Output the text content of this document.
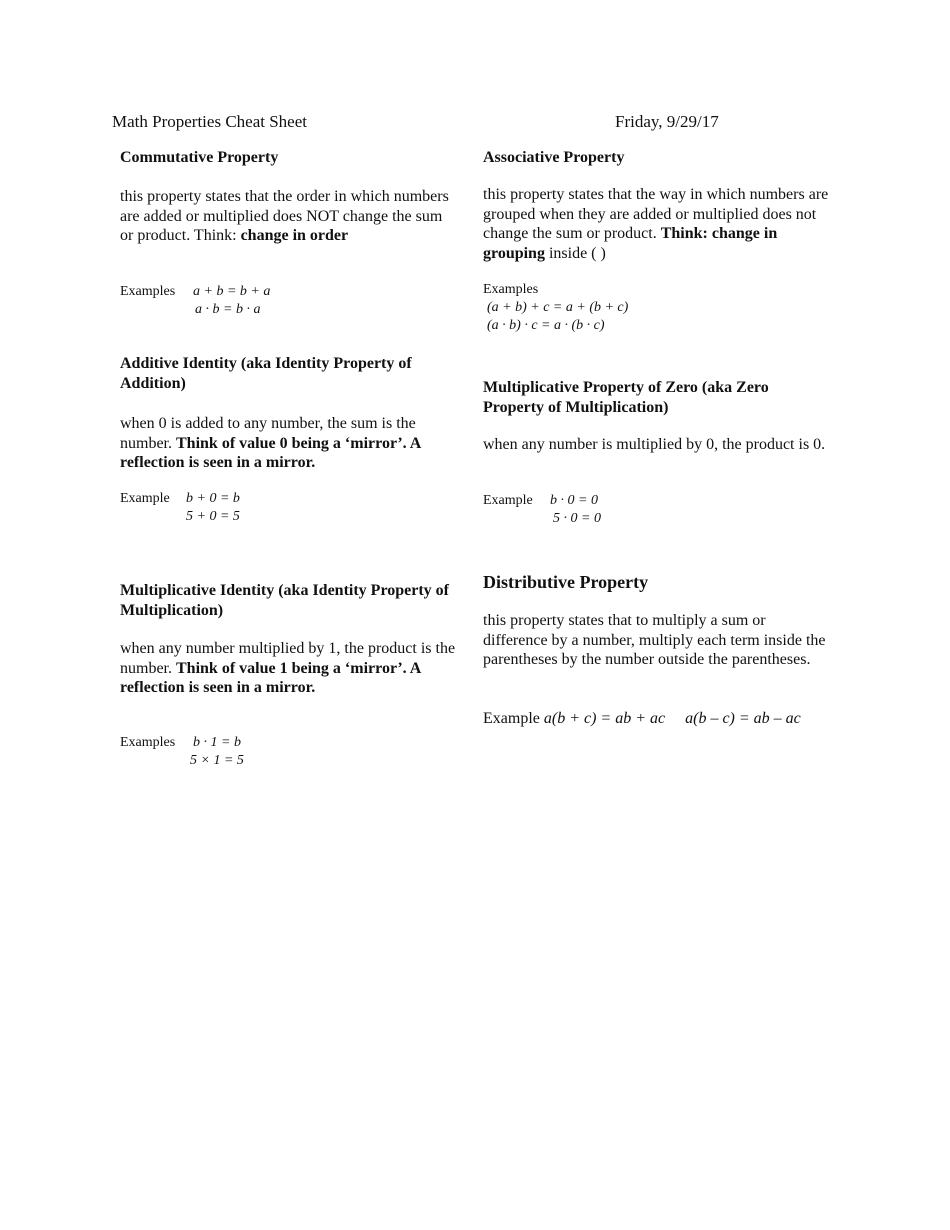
Math Properties Cheat Sheet	Friday, 9/29/17
Commutative Property
this property states that the order in which numbers are added or multiplied does NOT change the sum or product. Think: change in order
Examples a + b = b + a
a · b = b · a
Additive Identity (aka Identity Property of Addition)
when 0 is added to any number, the sum is the number. Think of value 0 being a ‘mirror’. A reflection is seen in a mirror.
Example b + 0 = b
5 + 0 = 5
Multiplicative Identity (aka Identity Property of Multiplication)
when any number multiplied by 1, the product is the number. Think of value 1 being a ‘mirror’. A reflection is seen in a mirror.
Examples b · 1 = b
5 × 1 = 5
Associative Property
this property states that the way in which numbers are grouped when they are added or multiplied does not change the sum or product. Think: change in grouping inside ( )
Examples
(a + b) + c = a + (b + c)
(a · b) · c = a · (b · c)
Multiplicative Property of Zero (aka Zero Property of Multiplication)
when any number is multiplied by 0, the product is 0.
Example b · 0 = 0
5 · 0 = 0
Distributive Property
this property states that to multiply a sum or difference by a number, multiply each term inside the parentheses by the number outside the parentheses.
Example a(b + c) = ab + ac a(b – c) = ab – ac
